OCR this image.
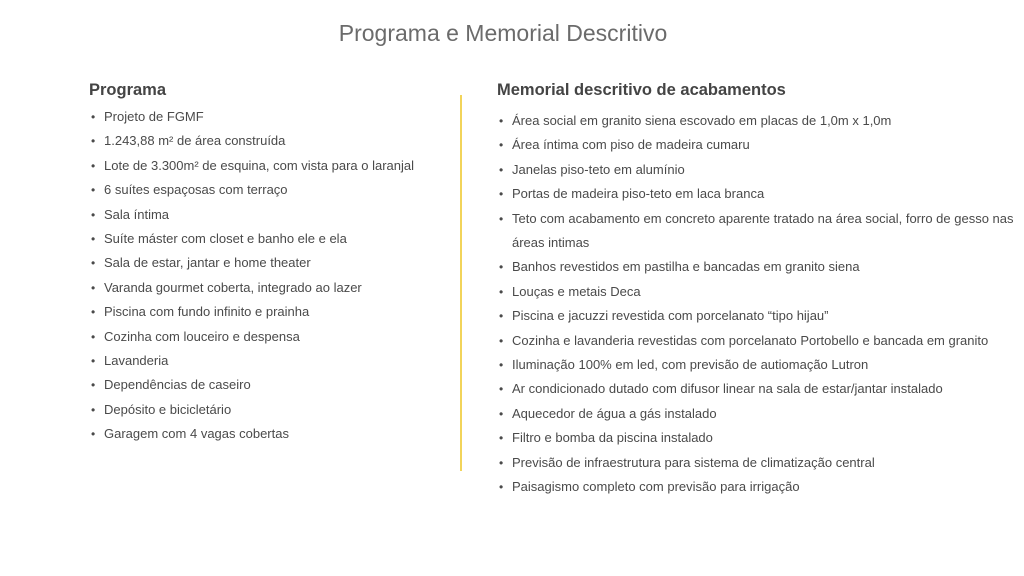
Programa e Memorial Descritivo
Programa
• Projeto de FGMF
• 1.243,88 m² de área construída
• Lote de 3.300m² de esquina, com vista para o laranjal
• 6 suítes espaçosas com terraço
• Sala íntima
• Suíte máster com closet e banho ele e ela
• Sala de estar, jantar e home theater
• Varanda gourmet coberta, integrado ao lazer
• Piscina com fundo infinito e prainha
• Cozinha com louceiro e despensa
• Lavanderia
• Dependências de caseiro
• Depósito e bicicletário
• Garagem com 4 vagas cobertas
Memorial descritivo de acabamentos
• Área social em granito siena escovado em placas de 1,0m x 1,0m
• Área íntima com piso de madeira cumaru
• Janelas piso-teto em alumínio
• Portas de madeira piso-teto em laca branca
• Teto com acabamento em concreto aparente tratado na área social, forro de gesso nas áreas intimas
• Banhos revestidos em pastilha e bancadas em granito siena
• Louças e metais Deca
• Piscina e jacuzzi revestida com porcelanato “tipo hijau”
• Cozinha e lavanderia revestidas com porcelanato Portobello e bancada em granito
• Iluminação 100% em led, com previsão de autiomação Lutron
• Ar condicionado dutado com difusor linear na sala de estar/jantar instalado
• Aquecedor de água a gás instalado
• Filtro e bomba da piscina instalado
• Previsão de infraestrutura para sistema de climatização central
• Paisagismo completo com previsão para irrigação
